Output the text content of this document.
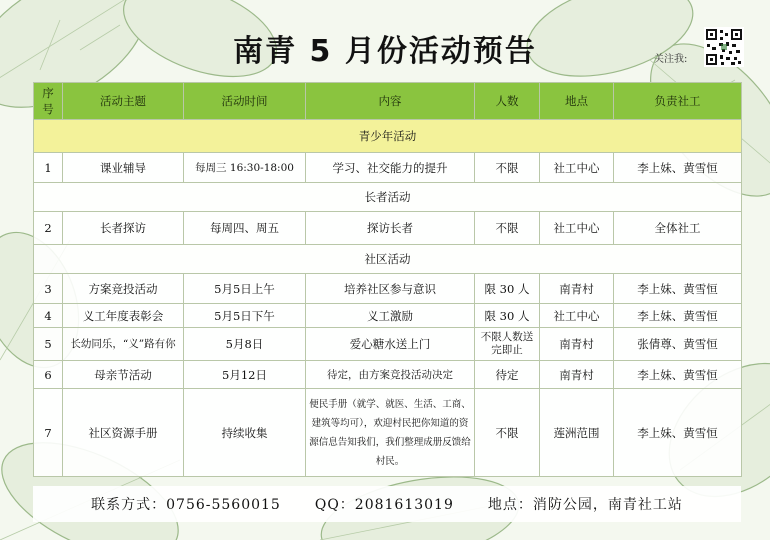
南青 5 月份活动预告	关注我:
序号	活动主题	活动时间	内容	人数	地点	负责社工
青少年活动						
1	课业辅导	每周三 16:30-18:00	学习、社交能力的提升	不限	社工中心	李上妹、黄雪恒
长者活动						
2	长者探访	每周四、周五	探访长者	不限	社工中心	全体社工
社区活动						
3	方案竞投活动	5月5日上午	培养社区参与意识	限 30 人	南青村	李上妹、黄雪恒
4	义工年度表彰会	5月5日下午	义工激励	限 30 人	社工中心	李上妹、黄雪恒
5	长幼同乐，“义”路有你	5月8日	爱心糖水送上门	不限人数送完即止	南青村	张倩尊、黄雪恒
6	母亲节活动	5月12日	待定，由方案竞投活动决定	待定	南青村	李上妹、黄雪恒
7	社区资源手册	持续收集	便民手册（就学、就医、生活、工商、建筑等均可），欢迎村民把你知道的资源信息告知我们，我们整理成册反馈给村民。	不限	莲洲范围	李上妹、黄雪恒
联系方式：0756-5560015 QQ：2081613019 地点：消防公园，南青社工站
